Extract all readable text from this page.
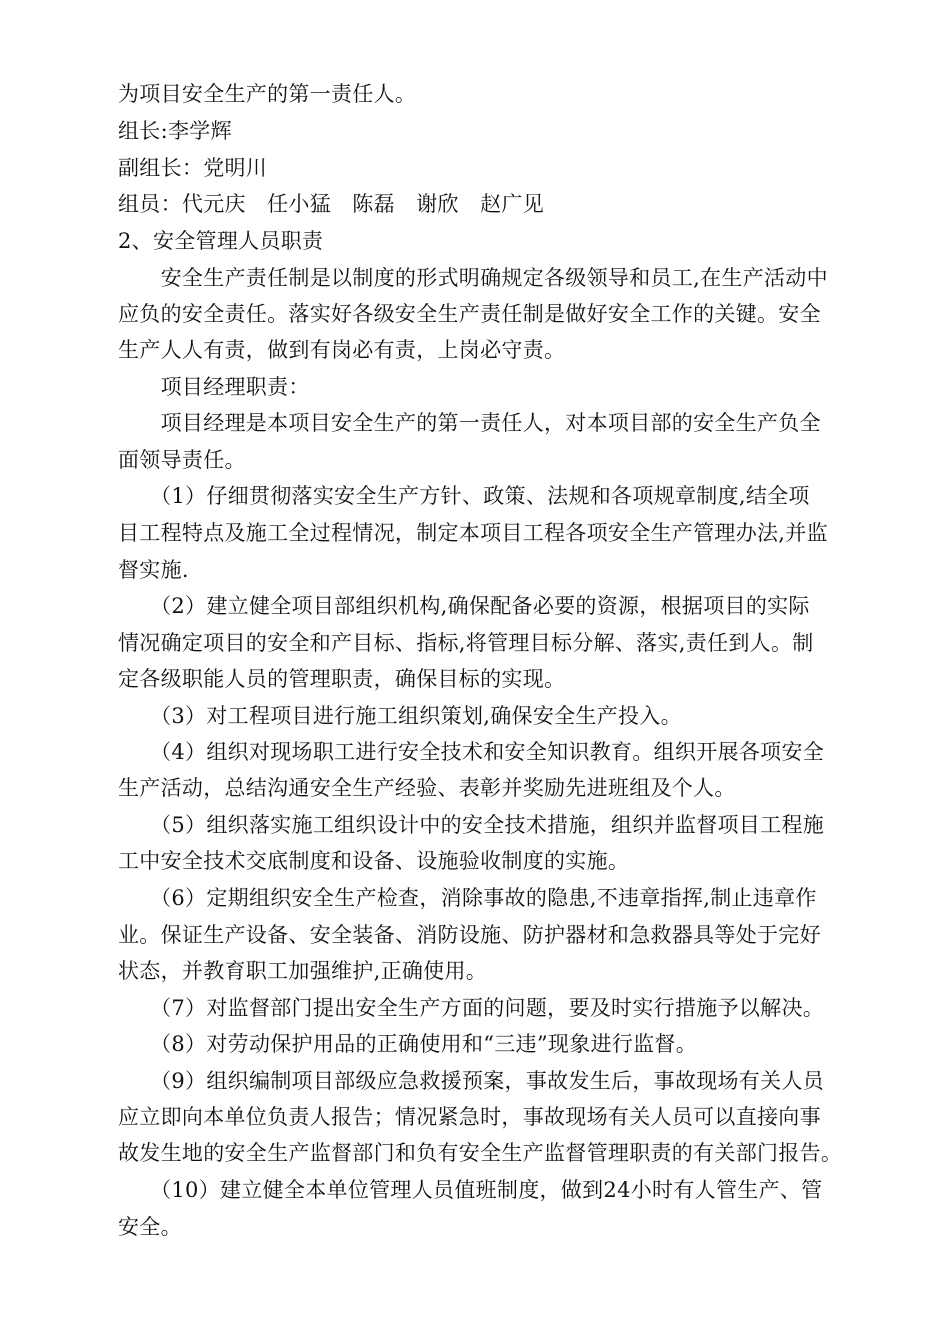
为项目安全生产的第一责任人。
组长:李学辉
副组长：党明川
组员：代元庆　任小猛　陈磊　谢欣　赵广见
2、安全管理人员职责
　　安全生产责任制是以制度的形式明确规定各级领导和员工,在生产活动中
应负的安全责任。落实好各级安全生产责任制是做好安全工作的关键。安全
生产人人有责，做到有岗必有责，上岗必守责。
　　项目经理职责：
　　项目经理是本项目安全生产的第一责任人，对本项目部的安全生产负全
面领导责任。
　　（1）仔细贯彻落实安全生产方针、政策、法规和各项规章制度,结全项
目工程特点及施工全过程情况，制定本项目工程各项安全生产管理办法,并监
督实施.
　　（2）建立健全项目部组织机构,确保配备必要的资源，根据项目的实际
情况确定项目的安全和产目标、指标,将管理目标分解、落实,责任到人。制
定各级职能人员的管理职责，确保目标的实现。
　　（3）对工程项目进行施工组织策划,确保安全生产投入。
　　（4）组织对现场职工进行安全技术和安全知识教育。组织开展各项安全
生产活动，总结沟通安全生产经验、表彰并奖励先进班组及个人。
　　（5）组织落实施工组织设计中的安全技术措施，组织并监督项目工程施
工中安全技术交底制度和设备、设施验收制度的实施。
　　（6）定期组织安全生产检查，消除事故的隐患,不违章指挥,制止违章作
业。保证生产设备、安全装备、消防设施、防护器材和急救器具等处于完好
状态，并教育职工加强维护,正确使用。
　　（7）对监督部门提出安全生产方面的问题，要及时实行措施予以解决。
　　（8）对劳动保护用品的正确使用和“三违”现象进行监督。
　　（9）组织编制项目部级应急救援预案，事故发生后，事故现场有关人员
应立即向本单位负责人报告；情况紧急时，事故现场有关人员可以直接向事
故发生地的安全生产监督部门和负有安全生产监督管理职责的有关部门报告。
　　（10）建立健全本单位管理人员值班制度，做到24小时有人管生产、管
安全。
